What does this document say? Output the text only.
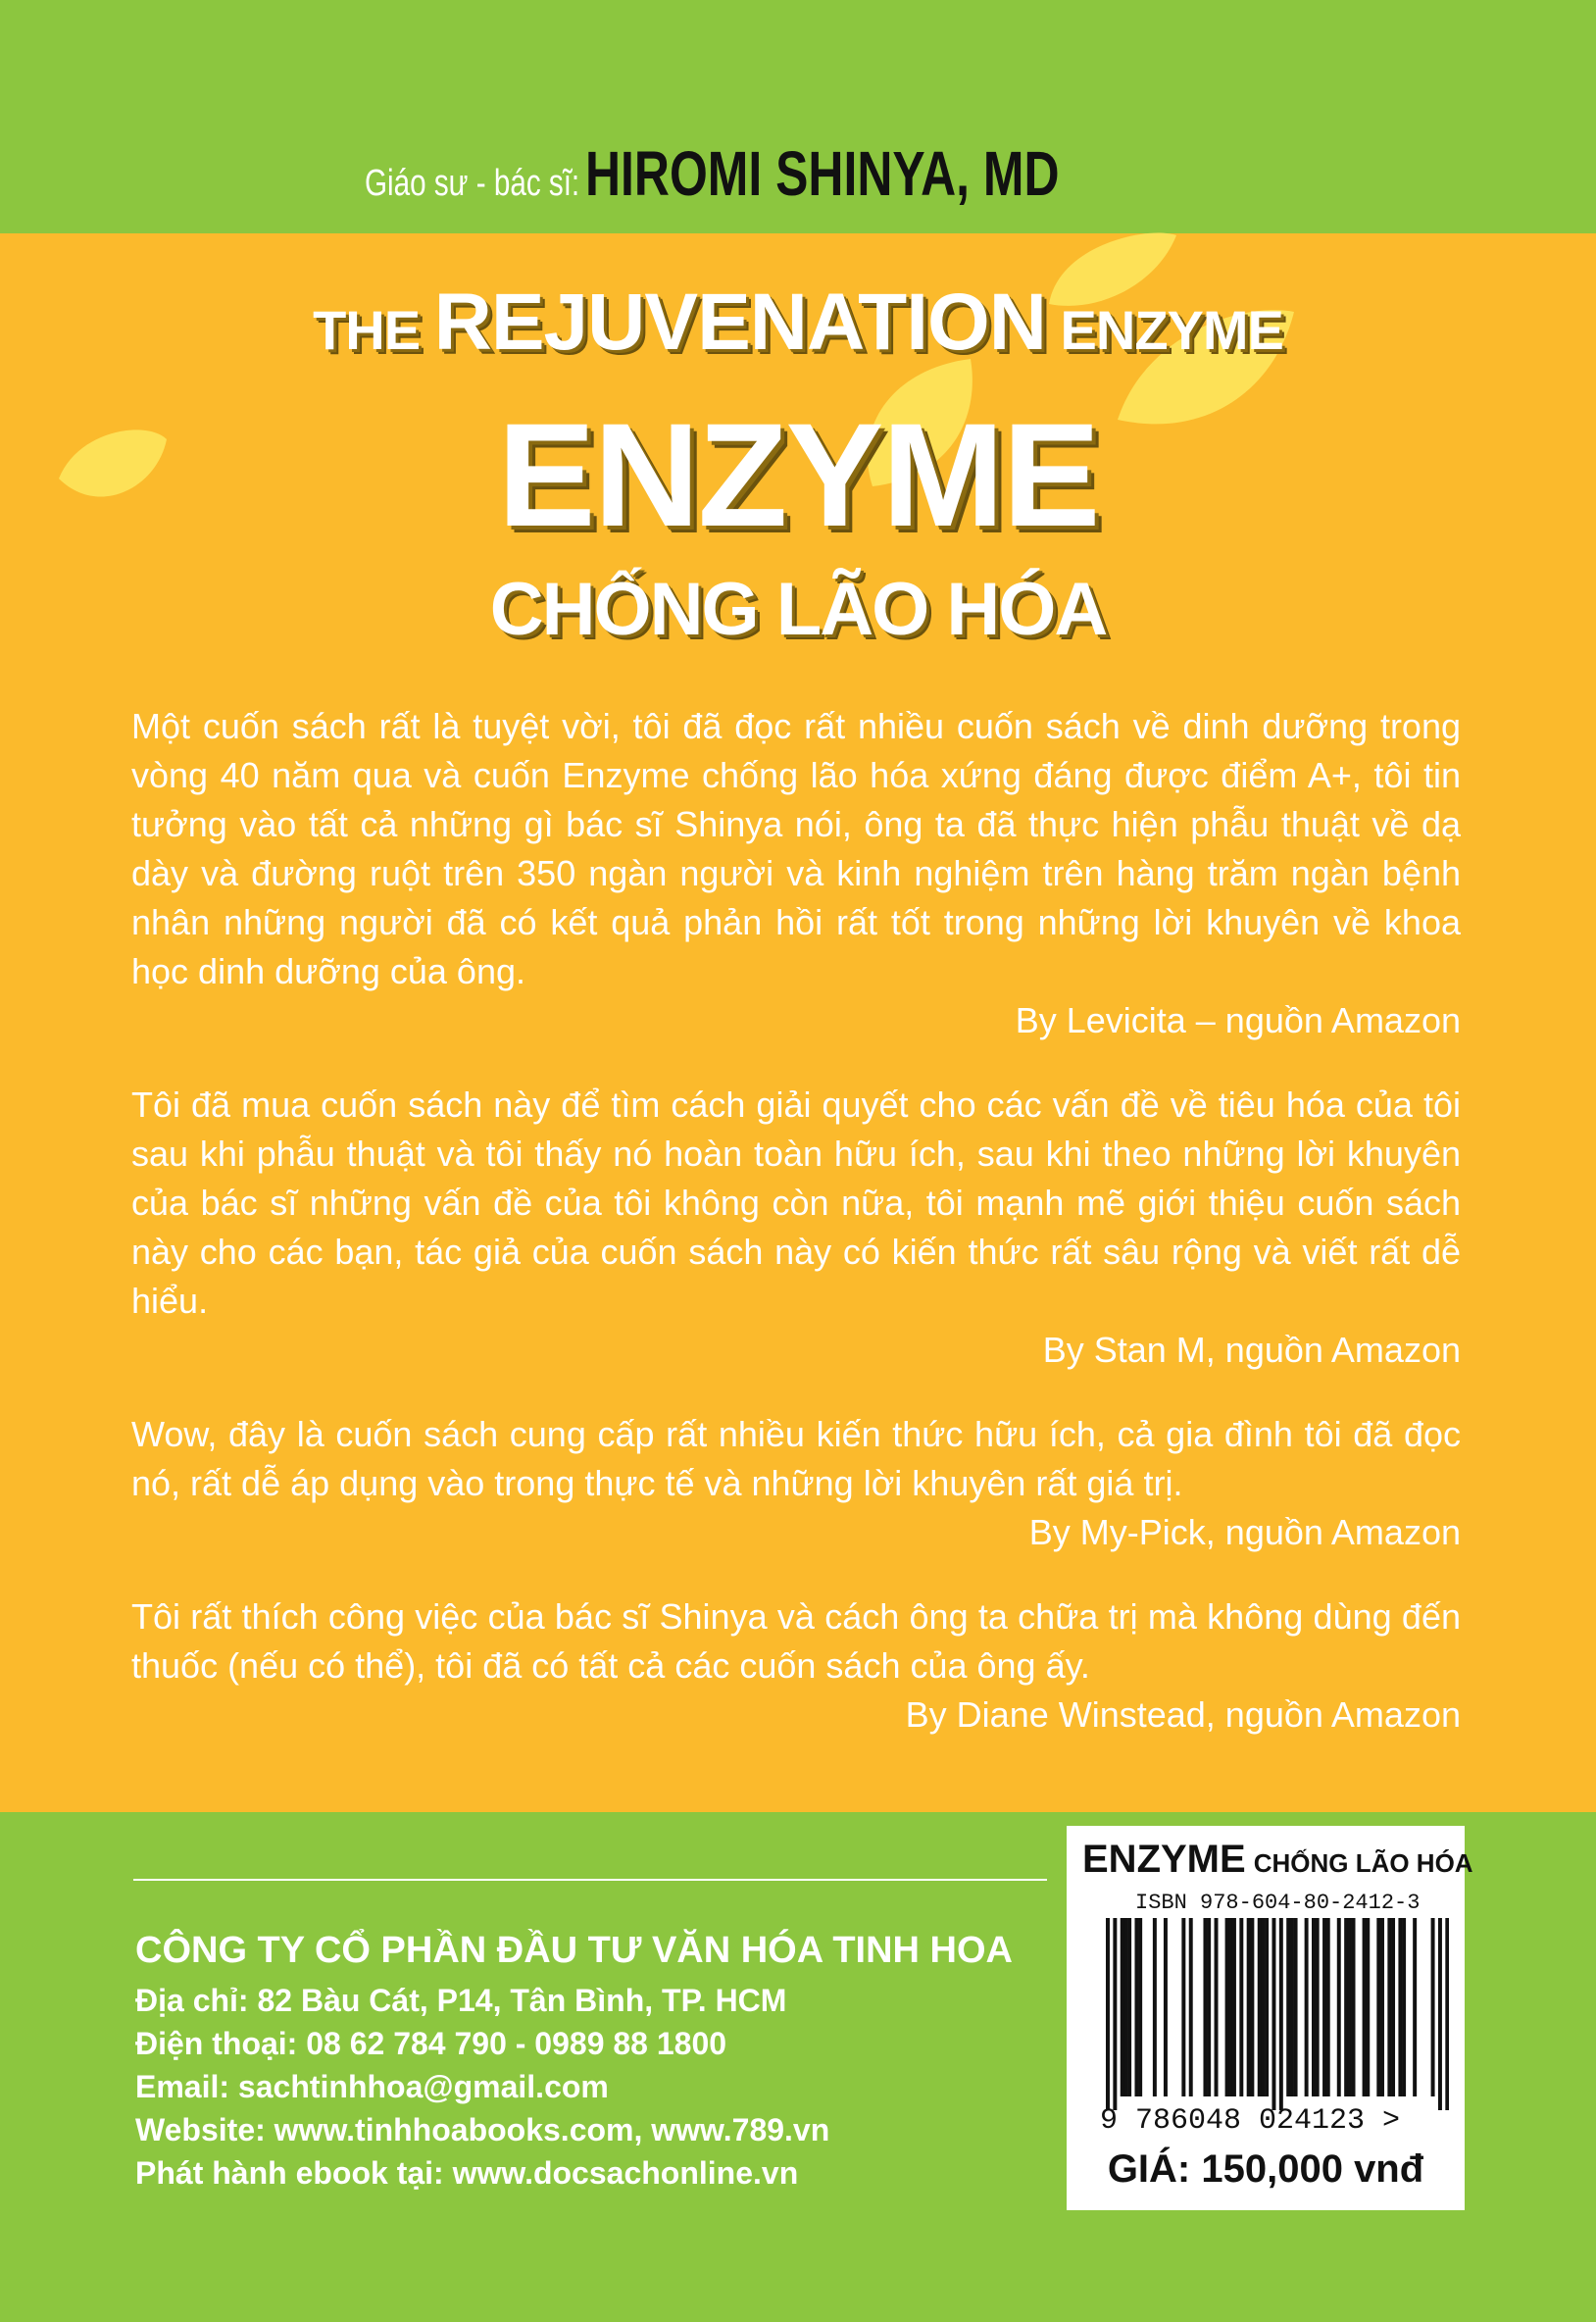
Giáo sư - bác sĩ: HIROMI SHINYA, MD
THE REJUVENATION ENZYME
ENZYME
CHỐNG LÃO HÓA
Một cuốn sách rất là tuyệt vời, tôi đã đọc rất nhiều cuốn sách về dinh dưỡng trong vòng 40 năm qua và cuốn Enzyme chống lão hóa xứng đáng được điểm A+, tôi tin tưởng vào tất cả những gì bác sĩ Shinya nói, ông ta đã thực hiện phẫu thuật về dạ dày và đường ruột trên 350 ngàn người và kinh nghiệm trên hàng trăm ngàn bệnh nhân những người đã có kết quả phản hồi rất tốt trong những lời khuyên về khoa học dinh dưỡng của ông.
By Levicita – nguồn Amazon
Tôi đã mua cuốn sách này để tìm cách giải quyết cho các vấn đề về tiêu hóa của tôi sau khi phẫu thuật và tôi thấy nó hoàn toàn hữu ích, sau khi theo những lời khuyên của bác sĩ những vấn đề của tôi không còn nữa, tôi mạnh mẽ giới thiệu cuốn sách này cho các bạn, tác giả của cuốn sách này có kiến thức rất sâu rộng và viết rất dễ hiểu.
By Stan M, nguồn Amazon
Wow, đây là cuốn sách cung cấp rất nhiều kiến thức hữu ích, cả gia đình tôi đã đọc nó, rất dễ áp dụng vào trong thực tế và những lời khuyên rất giá trị.
By My-Pick, nguồn Amazon
Tôi rất thích công việc của bác sĩ Shinya và cách ông ta chữa trị mà không dùng đến thuốc (nếu có thể), tôi đã có tất cả các cuốn sách của ông ấy.
By Diane Winstead, nguồn Amazon
CÔNG TY CỔ PHẦN ĐẦU TƯ VĂN HÓA TINH HOA
Địa chỉ: 82 Bàu Cát, P14, Tân Bình, TP. HCM
Điện thoại: 08 62 784 790 - 0989 88 1800
Email: sachtinhhoa@gmail.com
Website: www.tinhhoabooks.com, www.789.vn
Phát hành ebook tại: www.docsachonline.vn
ENZYME CHỐNG LÃO HÓA
ISBN 978-604-80-2412-3
9 786048 024123 >
GIÁ: 150,000 vnđ
